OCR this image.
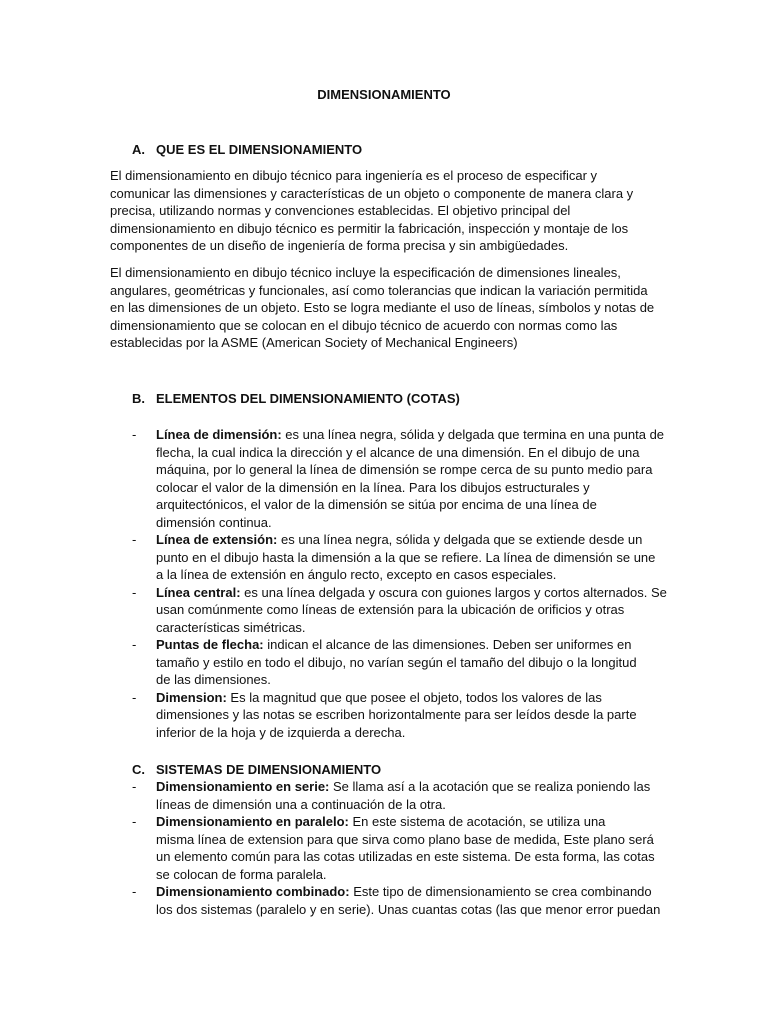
DIMENSIONAMIENTO
A. QUE ES EL DIMENSIONAMIENTO

El dimensionamiento en dibujo técnico para ingeniería es el proceso de especificar y
comunicar las dimensiones y características de un objeto o componente de manera clara y
precisa, utilizando normas y convenciones establecidas. El objetivo principal del
dimensionamiento en dibujo técnico es permitir la fabricación, inspección y montaje de los
componentes de un diseño de ingeniería de forma precisa y sin ambigüedades.

El dimensionamiento en dibujo técnico incluye la especificación de dimensiones lineales,
angulares, geométricas y funcionales, así como tolerancias que indican la variación permitida
en las dimensiones de un objeto. Esto se logra mediante el uso de líneas, símbolos y notas de
dimensionamiento que se colocan en el dibujo técnico de acuerdo con normas como las
establecidas por la ASME (American Society of Mechanical Engineers)

B. ELEMENTOS DEL DIMENSIONAMIENTO (COTAS)
- Línea de dimensión: es una línea negra, sólida y delgada que termina en una punta de
flecha, la cual indica la dirección y el alcance de una dimensión. En el dibujo de una
máquina, por lo general la línea de dimensión se rompe cerca de su punto medio para
colocar el valor de la dimensión en la línea. Para los dibujos estructurales y
arquitectónicos, el valor de la dimensión se sitúa por encima de una línea de
dimensión continua.
- Línea de extensión: es una línea negra, sólida y delgada que se extiende desde un
punto en el dibujo hasta la dimensión a la que se refiere. La línea de dimensión se une
a la línea de extensión en ángulo recto, excepto en casos especiales.
- Línea central: es una línea delgada y oscura con guiones largos y cortos alternados. Se
usan comúnmente como líneas de extensión para la ubicación de orificios y otras
características simétricas.
- Puntas de flecha: indican el alcance de las dimensiones. Deben ser uniformes en
tamaño y estilo en todo el dibujo, no varían según el tamaño del dibujo o la longitud
de las dimensiones.
- Dimension: Es la magnitud que que posee el objeto, todos los valores de las
dimensiones y las notas se escriben horizontalmente para ser leídos desde la parte
inferior de la hoja y de izquierda a derecha.
C. SISTEMAS DE DIMENSIONAMIENTO
- Dimensionamiento en serie: Se llama así a la acotación que se realiza poniendo las
líneas de dimensión una a continuación de la otra.
- Dimensionamiento en paralelo: En este sistema de acotación, se utiliza una
misma línea de extension para que sirva como plano base de medida, Este plano será
un elemento común para las cotas utilizadas en este sistema. De esta forma, las cotas
se colocan de forma paralela.
- Dimensionamiento combinado: Este tipo de dimensionamiento se crea combinando
los dos sistemas (paralelo y en serie). Unas cuantas cotas (las que menor error puedan
